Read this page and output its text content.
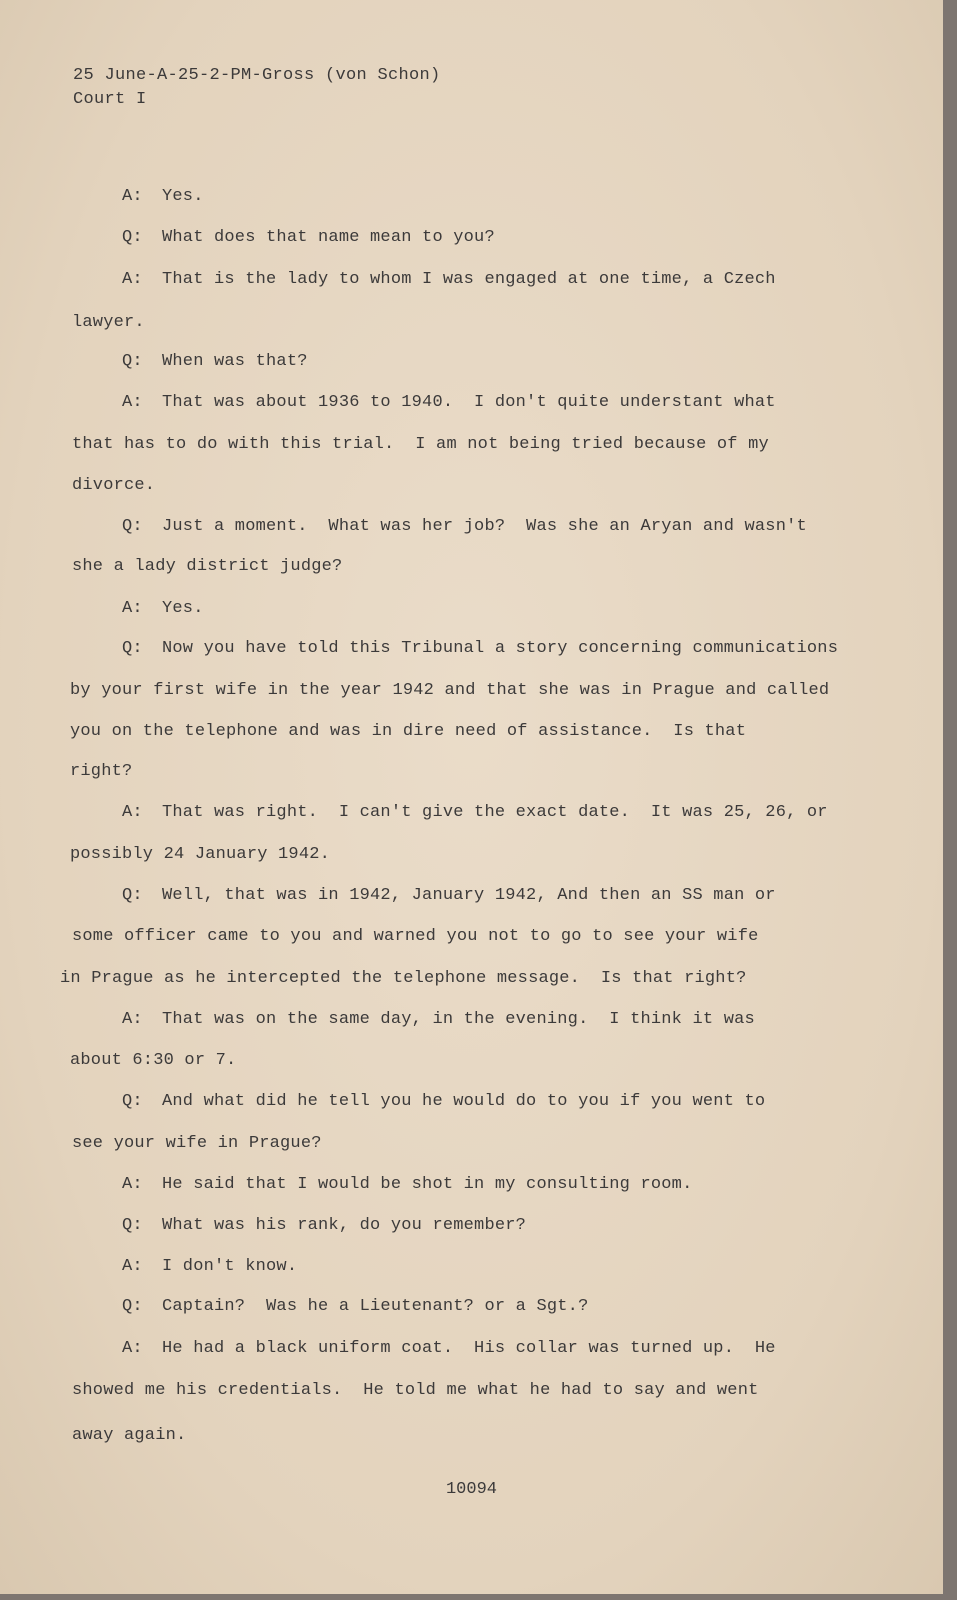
25 June-A-25-2-PM-Gross (von Schon)
Court I
A: Yes.
Q: What does that name mean to you?
A: That is the lady to whom I was engaged at one time, a Czech
lawyer.
Q: When was that?
A: That was about 1936 to 1940.  I don't quite understant what
that has to do with this trial.  I am not being tried because of my
divorce.
Q: Just a moment.  What was her job?  Was she an Aryan and wasn't
she a lady district judge?
A: Yes.
Q: Now you have told this Tribunal a story concerning communications
by your first wife in the year 1942 and that she was in Prague and called
you on the telephone and was in dire need of assistance.  Is that
right?
A: That was right.  I can't give the exact date.  It was 25, 26, or
possibly 24 January 1942.
Q: Well, that was in 1942, January 1942, And then an SS man or
some officer came to you and warned you not to go to see your wife
in Prague as he intercepted the telephone message.  Is that right?
A: That was on the same day, in the evening.  I think it was
about 6:30 or 7.
Q: And what did he tell you he would do to you if you went to
see your wife in Prague?
A: He said that I would be shot in my consulting room.
Q: What was his rank, do you remember?
A: I don't know.
Q: Captain?  Was he a Lieutenant? or a Sgt.?
A: He had a black uniform coat.  His collar was turned up.  He
showed me his credentials.  He told me what he had to say and went
away again.
10094
